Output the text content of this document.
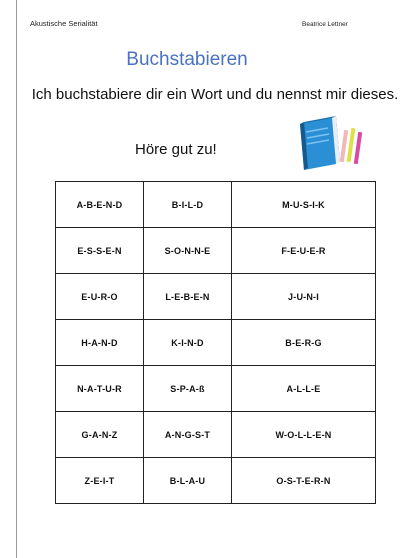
Akustische Serialität	Beatrice Lettner
Buchstabieren
Ich buchstabiere dir ein Wort und du nennst mir dieses.
Höre gut zu!
A-B-E-N-D	B-I-L-D	M-U-S-I-K
E-S-S-E-N	S-O-N-N-E	F-E-U-E-R
E-U-R-O	L-E-B-E-N	J-U-N-I
H-A-N-D	K-I-N-D	B-E-R-G
N-A-T-U-R	S-P-A-ß	A-L-L-E
G-A-N-Z	A-N-G-S-T	W-O-L-L-E-N
Z-E-I-T	B-L-A-U	O-S-T-E-R-N
